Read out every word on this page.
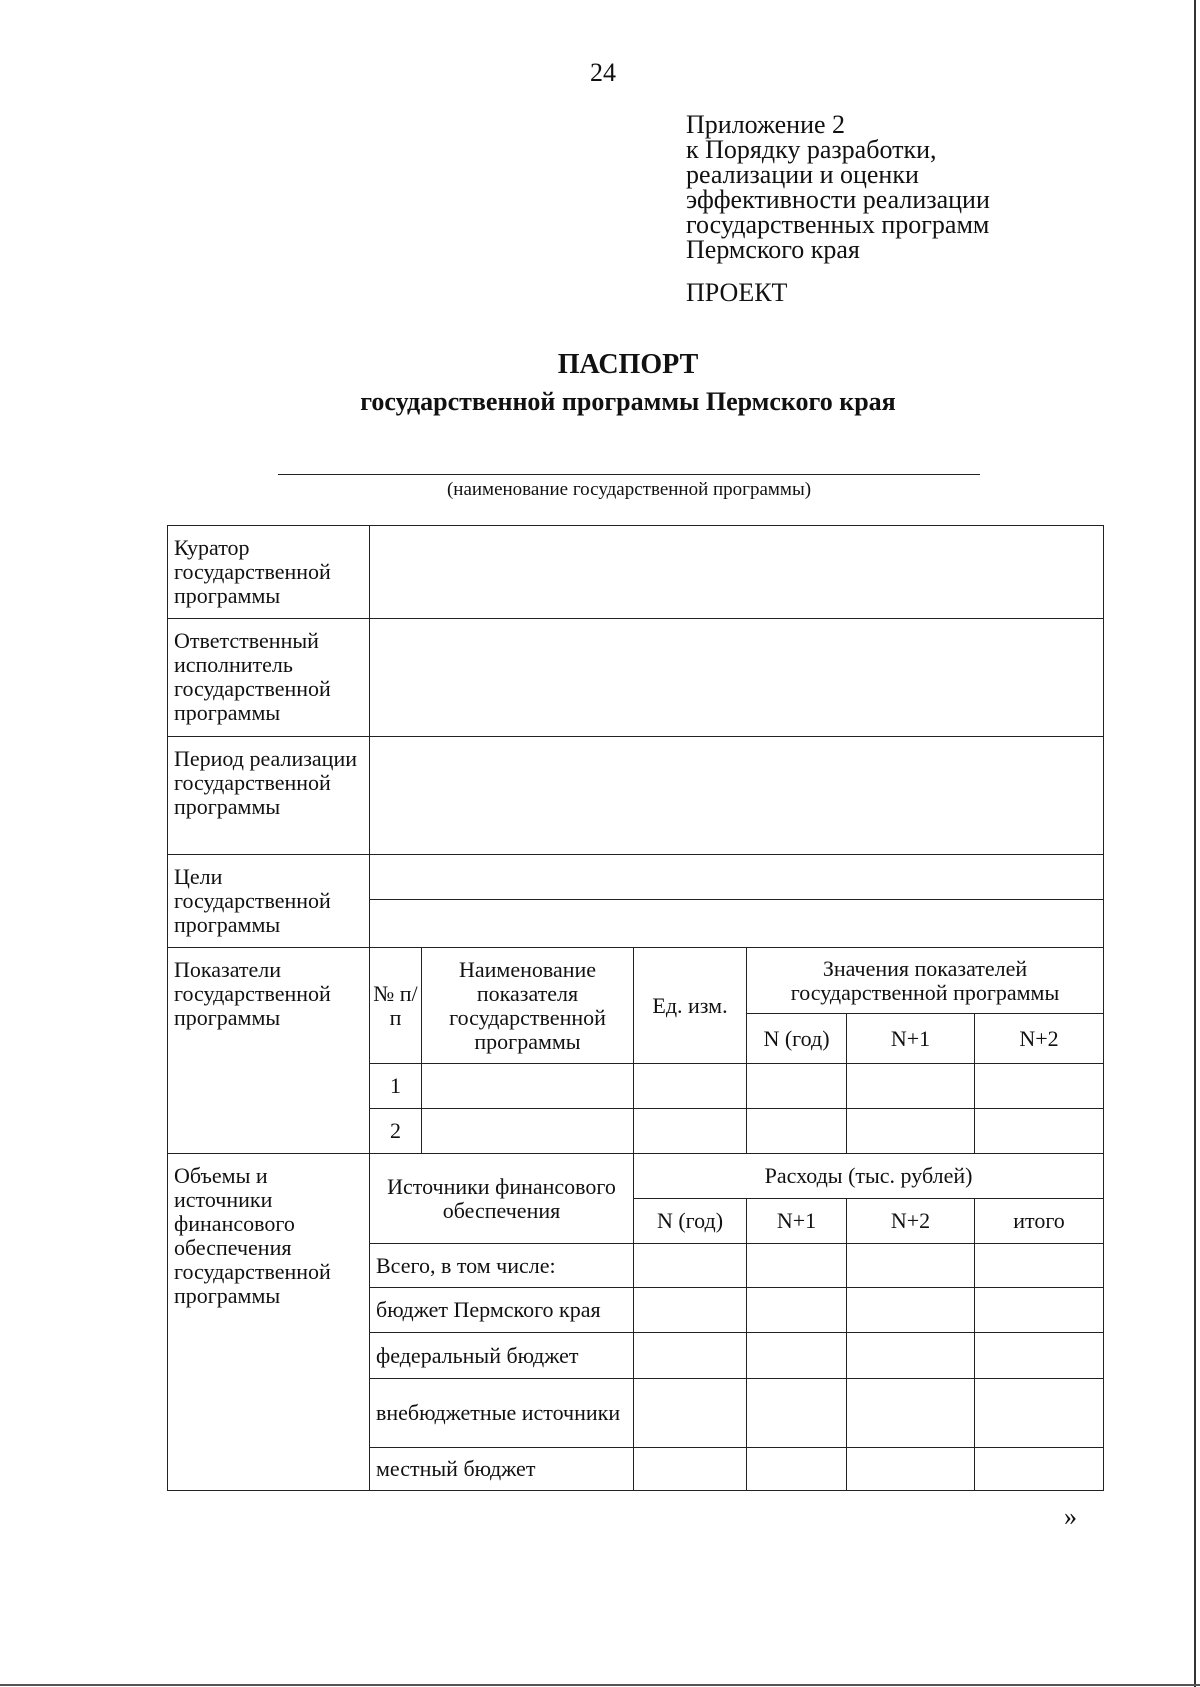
24
Приложение 2
к Порядку разработки,
реализации и оценки
эффективности реализации
государственных программ
Пермского края
ПРОЕКТ
ПАСПОРТ
государственной программы Пермского края
(наименование государственной программы)
Куратор государственной программы						
Ответственный исполнитель государственной программы						
Период реализации государственной программы						
Цели государственной программы						

Показатели государственной программы	№ п/п	Наименование показателя государственной программы	Ед. изм.	Значения показателей государственной программы		
				N (год)	N+1	N+2
	1					
	2					
Объемы и источники финансового обеспечения государственной программы	Источники финансового обеспечения		Расходы (тыс. рублей)			
			N (год)	N+1	N+2	итого
	Всего, в том числе:					
	бюджет Пермского края					
	федеральный бюджет					
	внебюджетные источники					
	местный бюджет					
»
